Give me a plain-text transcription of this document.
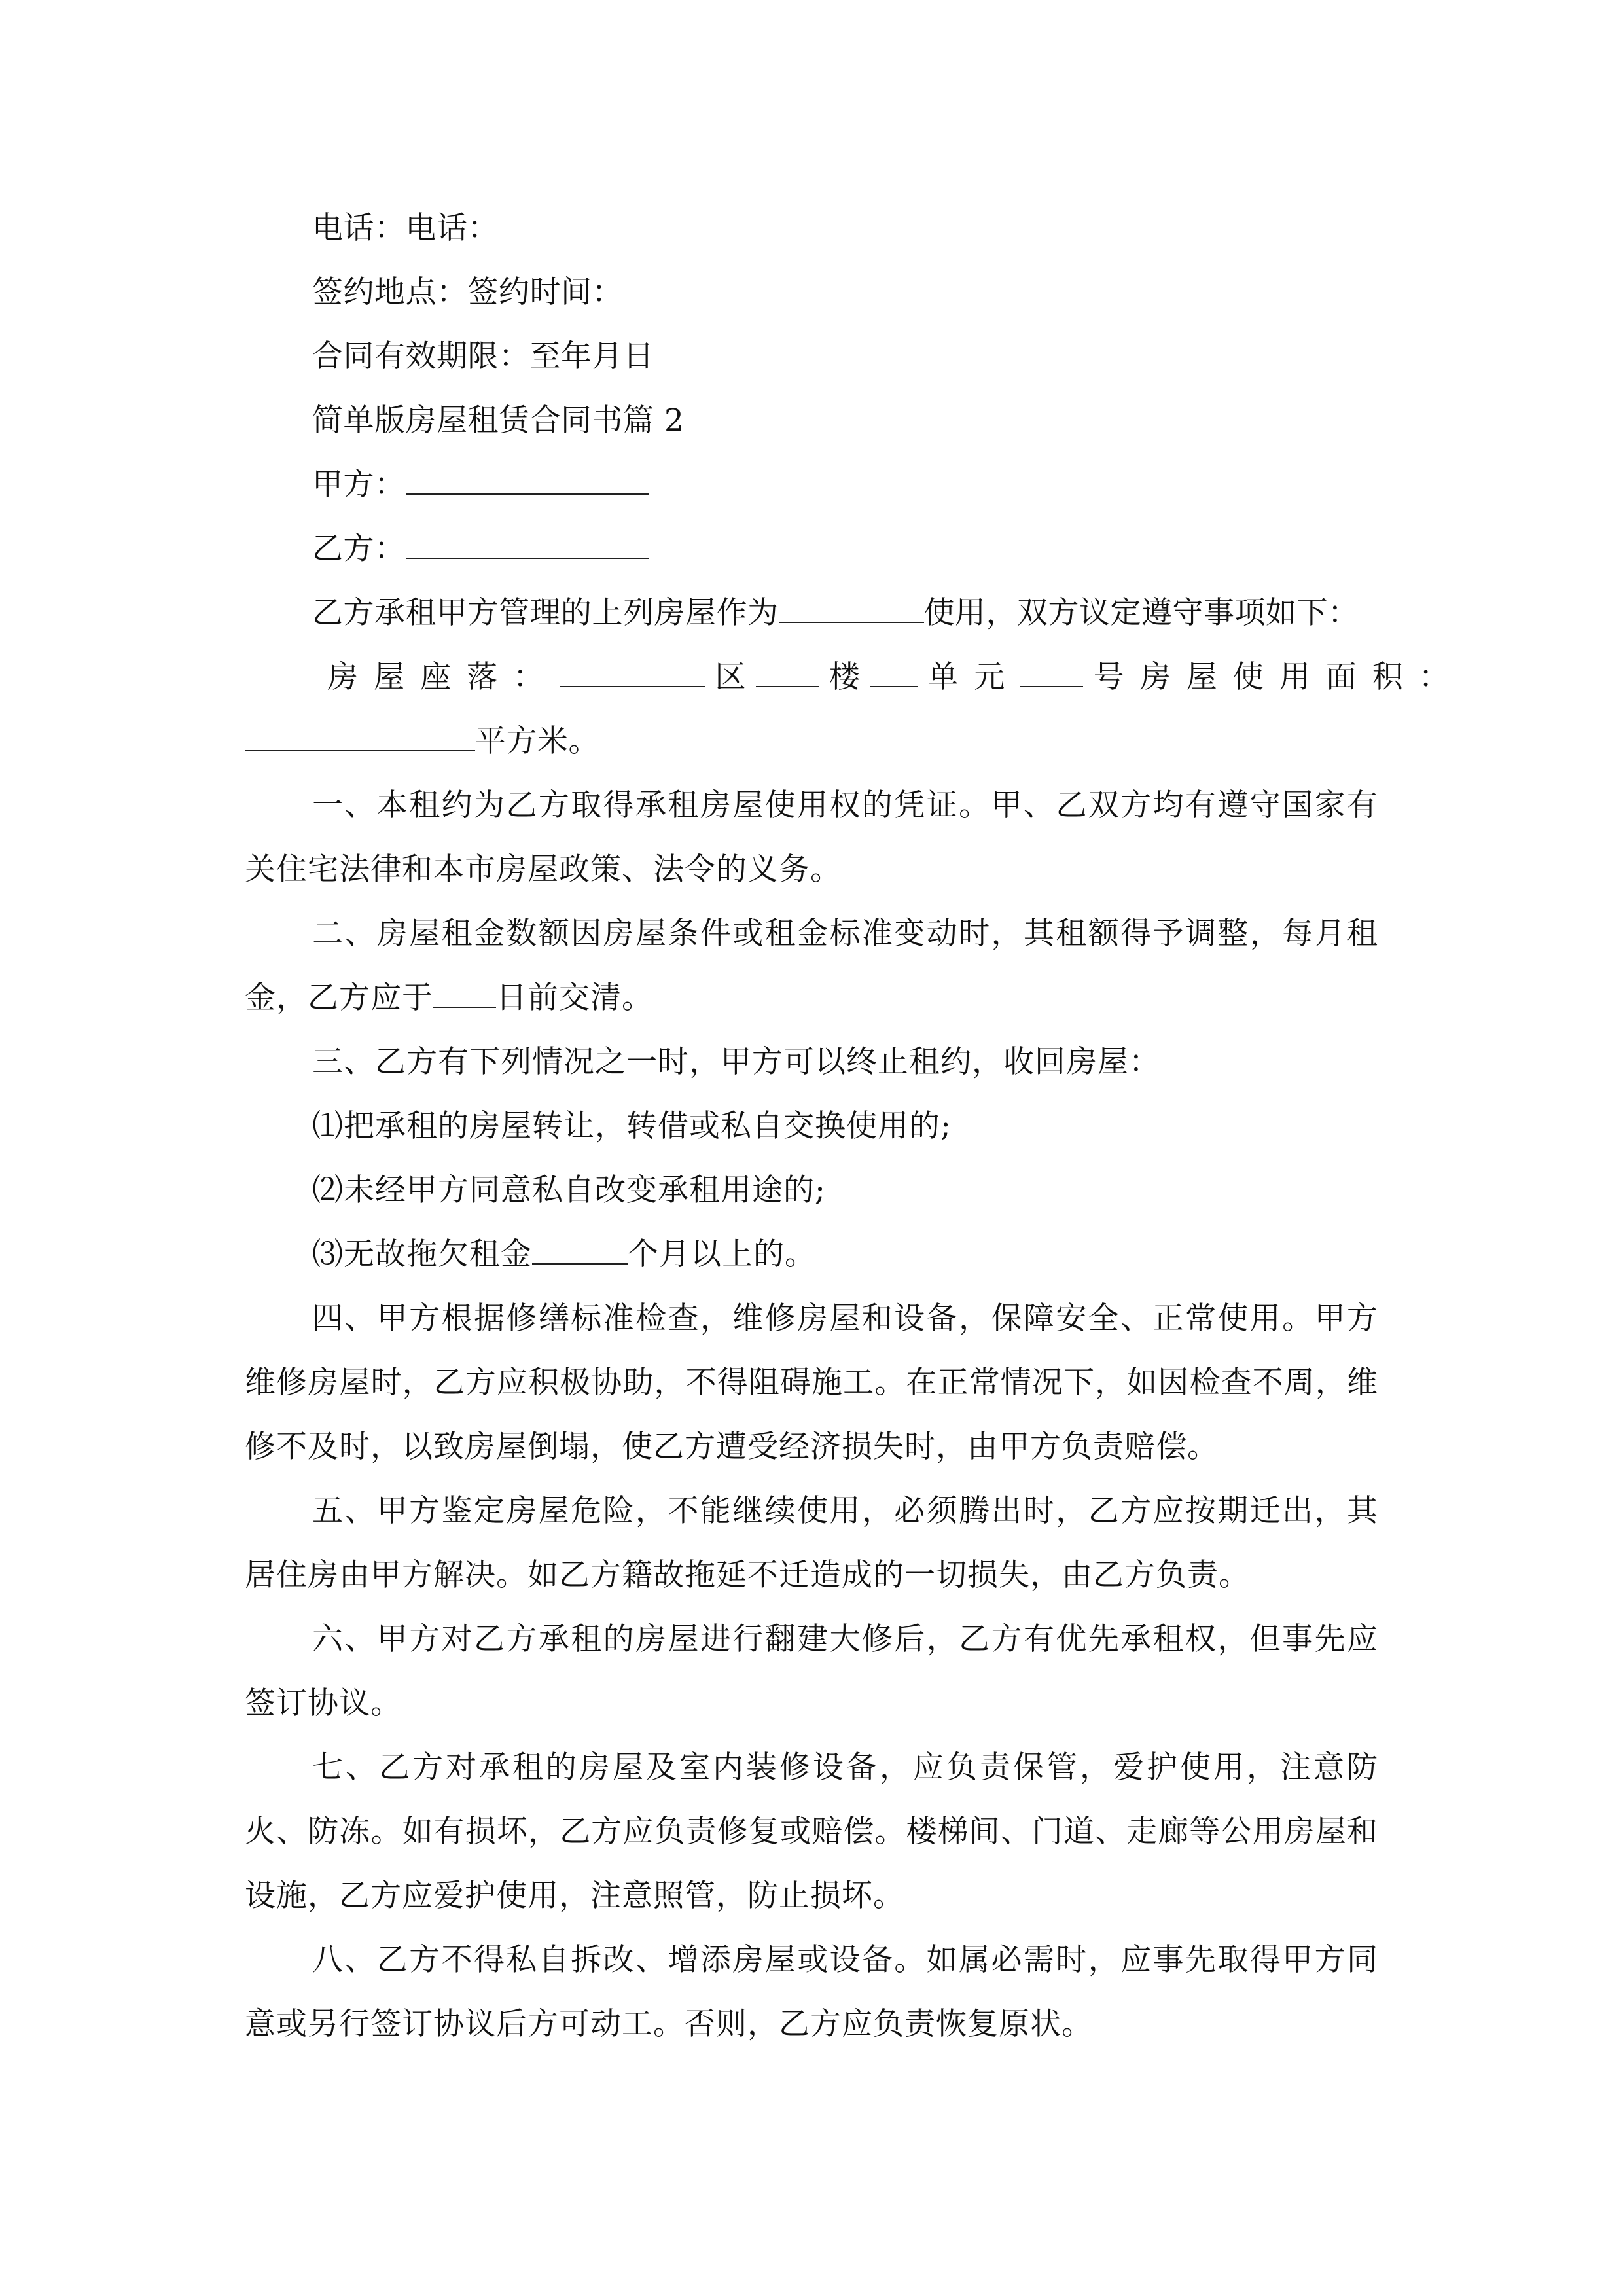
电话：电话：
签约地点：签约时间：
合同有效期限：至年月日
简单版房屋租赁合同书篇 2
甲方：
乙方：
乙方承租甲方管理的上列房屋作为	使用，双方议定遵守事项如下：
房屋座落：	区	楼 单元 号房屋使用面积：
平方米。

一、本租约为乙方取得承租房屋使用权的凭证。甲、乙双方均有遵守国家有关住宅法律和本市房屋政策、法令的义务。

二、房屋租金数额因房屋条件或租金标准变动时，其租额得予调整，每月租金，乙方应于 日前交清。

三、乙方有下列情况之一时，甲方可以终止租约，收回房屋：

⑴把承租的房屋转让，转借或私自交换使用的;

⑵未经甲方同意私自改变承租用途的;

⑶无故拖欠租金	个月以上的。

四、甲方根据修缮标准检查，维修房屋和设备，保障安全、正常使用。甲方维修房屋时，乙方应积极协助，不得阻碍施工。在正常情况下，如因检查不周，维修不及时，以致房屋倒塌，使乙方遭受经济损失时，由甲方负责赔偿。

五、甲方鉴定房屋危险，不能继续使用，必须腾出时，乙方应按期迁出，其居住房由甲方解决。如乙方籍故拖延不迁造成的一切损失，由乙方负责。

六、甲方对乙方承租的房屋进行翻建大修后，乙方有优先承租权，但事先应签订协议。

七、乙方对承租的房屋及室内装修设备，应负责保管，爱护使用，注意防火、防冻。如有损坏，乙方应负责修复或赔偿。楼梯间、门道、走廊等公用房屋和设施，乙方应爱护使用，注意照管，防止损坏。

八、乙方不得私自拆改、增添房屋或设备。如属必需时，应事先取得甲方同意或另行签订协议后方可动工。否则，乙方应负责恢复原状。
